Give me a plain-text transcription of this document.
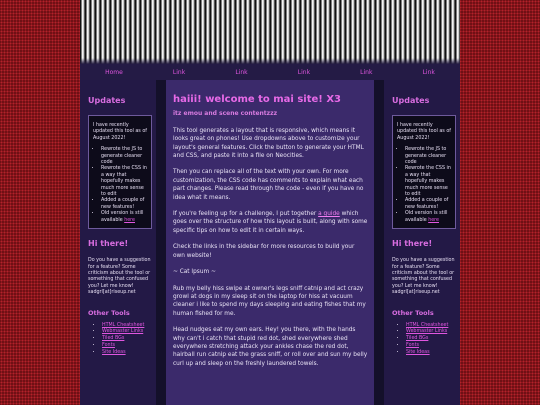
Home	Link	Link	Link	Link	Link
Updates

I have recently updated this tool as of August 2022!

• Rewrote the JS to generate cleaner code
• Rewrote the CSS in a way that hopefully makes much more sense to edit
• Added a couple of new features!
• Old version is still available here
Hi there!

Do you have a suggestion for a feature? Some criticism about the tool or something that confused you? Let me know! sadgrl[at]riseup.net

Other Tools
• HTML Cheatsheet
• Webmaster Links
• Tiled BGs
• Fonts
• Site Ideas
haiii! welcome to mai site! X3
itz emou and scene contentzzz

This tool generates a layout that is responsive, which means it looks great on phones! Use dropdowns above to customize your layout's general features. Click the button to generate your HTML and CSS, and paste it into a file on Neocities.

Then you can replace all of the text with your own. For more customization, the CSS code has comments to explain what each part changes. Please read through the code - even if you have no idea what it means.

If you're feeling up for a challenge, I put together a guide which goes over the structure of how this layout is built, along with some specific tips on how to edit it in certain ways.

Check the links in the sidebar for more resources to build your own website!

~ Cat Ipsum ~

Rub my belly hiss swipe at owner's legs sniff catnip and act crazy growl at dogs in my sleep sit on the laptop for hiss at vacuum cleaner i like to spend my days sleeping and eating fishes that my human fished for me.

Head nudges eat my own ears. Hey! you there, with the hands why can't i catch that stupid red dot, shed everywhere shed everywhere stretching attack your ankles chase the red dot, hairball run catnip eat the grass sniff, or roll over and sun my belly curl up and sleep on the freshly laundered towels.

Updates

I have recently updated this tool as of August 2022!

• Rewrote the JS to generate cleaner code
• Rewrote the CSS in a way that hopefully makes much more sense to edit
• Added a couple of new features!
• Old version is still available here
Hi there!

Do you have a suggestion for a feature? Some criticism about the tool or something that confused you? Let me know! sadgrl[at]riseup.net

Other Tools
• HTML Cheatsheet
• Webmaster Links
• Tiled BGs
• Fonts
• Site Ideas
